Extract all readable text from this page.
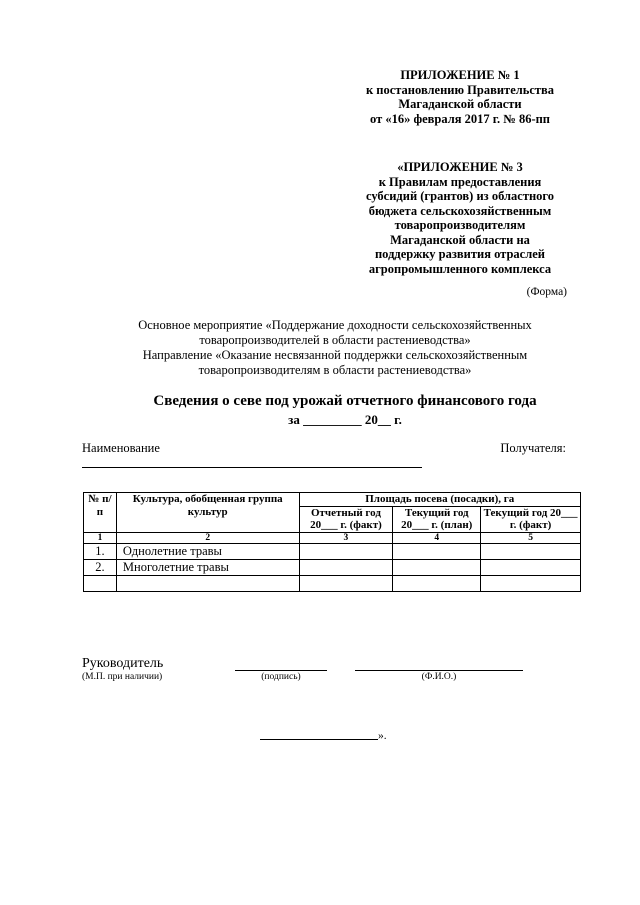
ПРИЛОЖЕНИЕ № 1
к постановлению Правительства
Магаданской области
от «16» февраля 2017 г. № 86-пп
«ПРИЛОЖЕНИЕ № 3
к Правилам предоставления
субсидий (грантов) из областного
бюджета сельскохозяйственным
товаропроизводителям
Магаданской области на
поддержку развития отраслей
агропромышленного комплекса
(Форма)
Основное мероприятие «Поддержание доходности сельскохозяйственных
товаропроизводителей в области растениеводства»
Направление «Оказание несвязанной поддержки сельскохозяйственным
товаропроизводителям в области растениеводства»
Сведения о севе под урожай отчетного финансового года
за _________ 20__ г.
Наименование	Получателя:
№ п/п	Культура, обобщенная группа культур	Площадь посева (посадки), га		
		Отчетный год 20___ г. (факт)	Текущий год 20___ г. (план)	Текущий год 20___ г. (факт)
1	2	3	4	5
1.	Однолетние травы			
2.	Многолетние травы			

Руководитель
(М.П. при наличии)	(подпись)	(Ф.И.О.)
».
